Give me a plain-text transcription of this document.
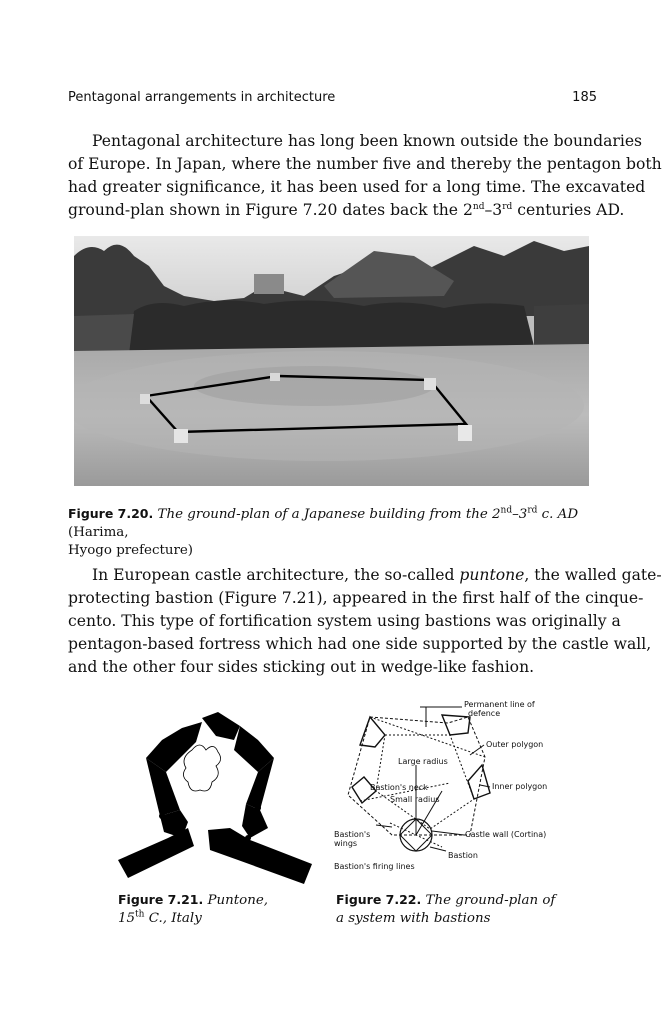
Pentagonal arrangements in architecture	185
Pentagonal architecture has long been known outside the boundaries
of Europe. In Japan, where the number five and thereby the pentagon both
had greater significance, it has been used for a long time. The excavated
ground-plan shown in Figure 7.20 dates back the 2nd–3rd centuries AD.
Figure 7.20. The ground-plan of a Japanese building from the 2nd–3rd c. AD (Harima,
Hyogo prefecture)
In European castle architecture, the so-called puntone, the walled gate-
protecting bastion (Figure 7.21), appeared in the first half of the cinque-
cento. This type of fortification system using bastions was originally a
pentagon-based fortress which had one side supported by the castle wall,
and the other four sides sticking out in wedge-like fashion.
Permanent line of
defence
Outer polygon
Large radius
Bastion's neck
Small radius
Inner polygon
Bastion's
wings
Castle wall (Cortina)
Bastion
Bastion's firing lines
Figure 7.21. Puntone,
15th C., Italy
Figure 7.22. The ground-plan of
a system with bastions
